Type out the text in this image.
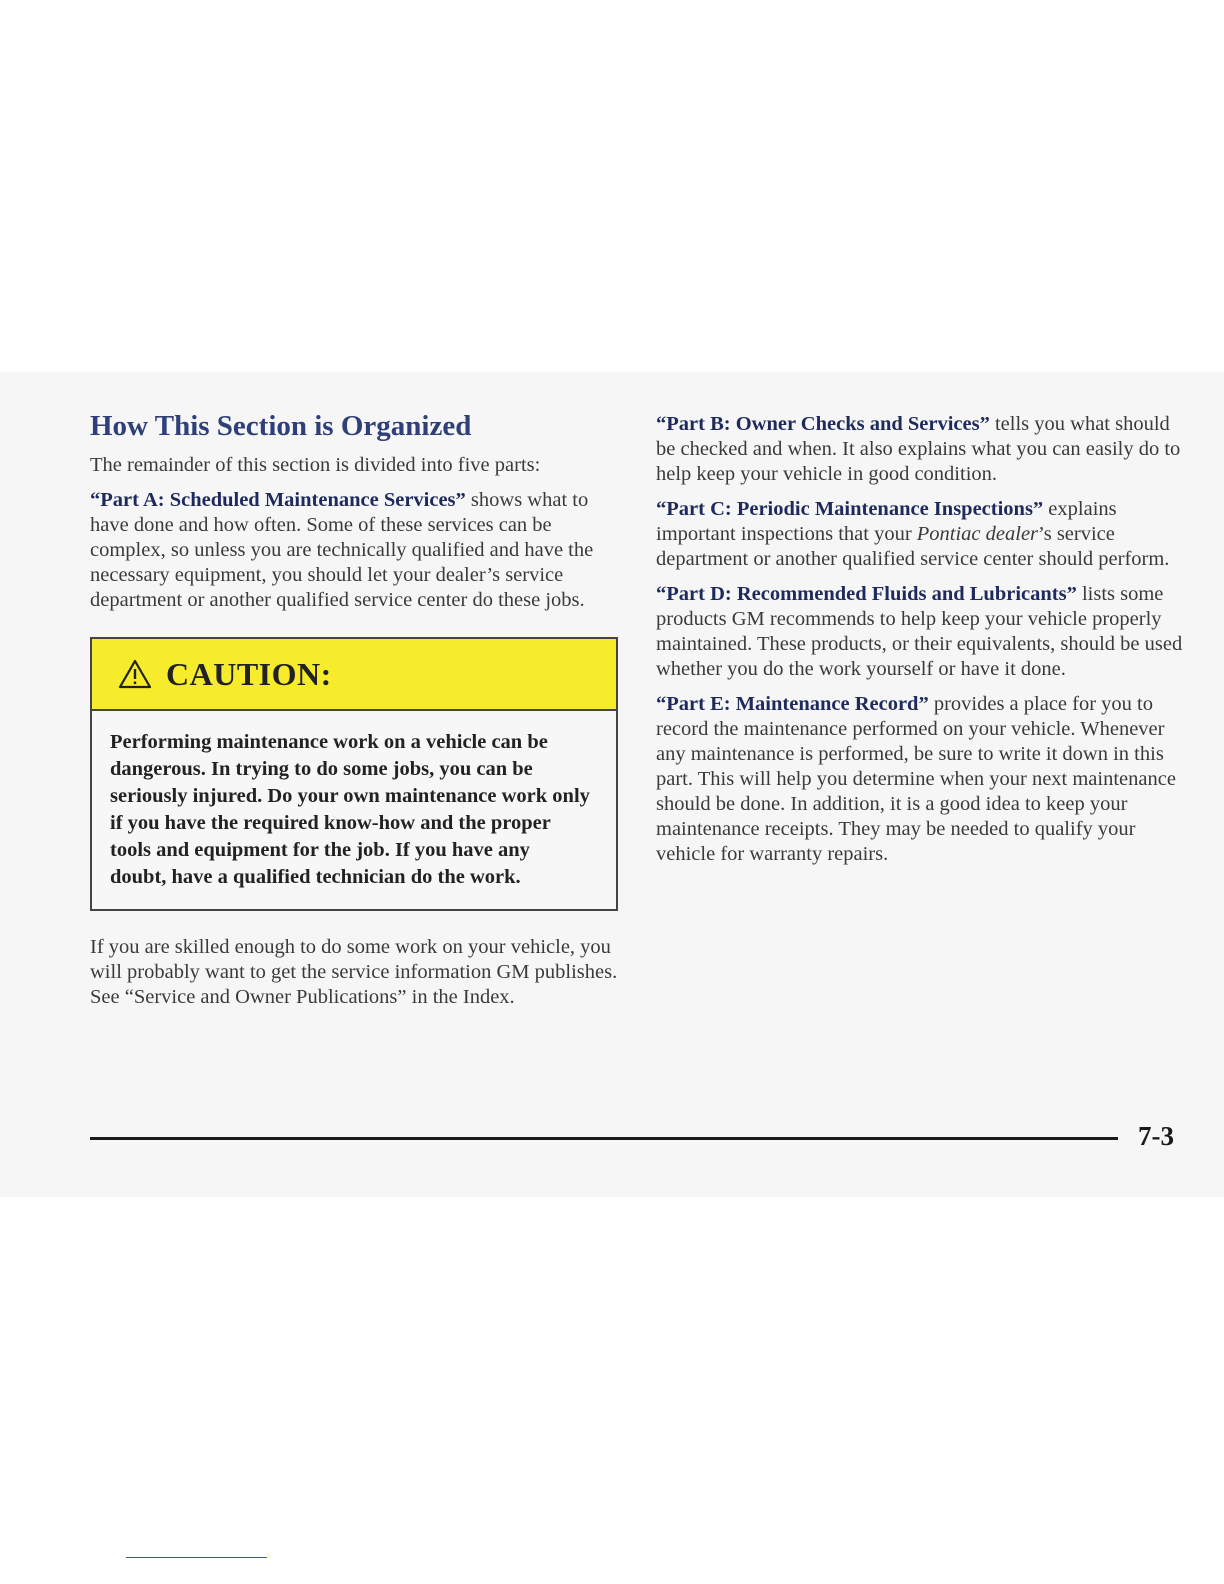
How This Section is Organized

The remainder of this section is divided into five parts:

“Part A: Scheduled Maintenance Services” shows what to have done and how often. Some of these services can be complex, so unless you are technically qualified and have the necessary equipment, you should let your dealer’s service department or another qualified service center do these jobs.

CAUTION:
Performing maintenance work on a vehicle can be dangerous. In trying to do some jobs, you can be seriously injured. Do your own maintenance work only if you have the required know-how and the proper tools and equipment for the job. If you have any doubt, have a qualified technician do the work.

If you are skilled enough to do some work on your vehicle, you will probably want to get the service information GM publishes. See “Service and Owner Publications” in the Index.

“Part B: Owner Checks and Services” tells you what should be checked and when. It also explains what you can easily do to help keep your vehicle in good condition.

“Part C: Periodic Maintenance Inspections” explains important inspections that your Pontiac dealer’s service department or another qualified service center should perform.

“Part D: Recommended Fluids and Lubricants” lists some products GM recommends to help keep your vehicle properly maintained. These products, or their equivalents, should be used whether you do the work yourself or have it done.

“Part E: Maintenance Record” provides a place for you to record the maintenance performed on your vehicle. Whenever any maintenance is performed, be sure to write it down in this part. This will help you determine when your next maintenance should be done. In addition, it is a good idea to keep your maintenance receipts. They may be needed to qualify your vehicle for warranty repairs.

7-3
